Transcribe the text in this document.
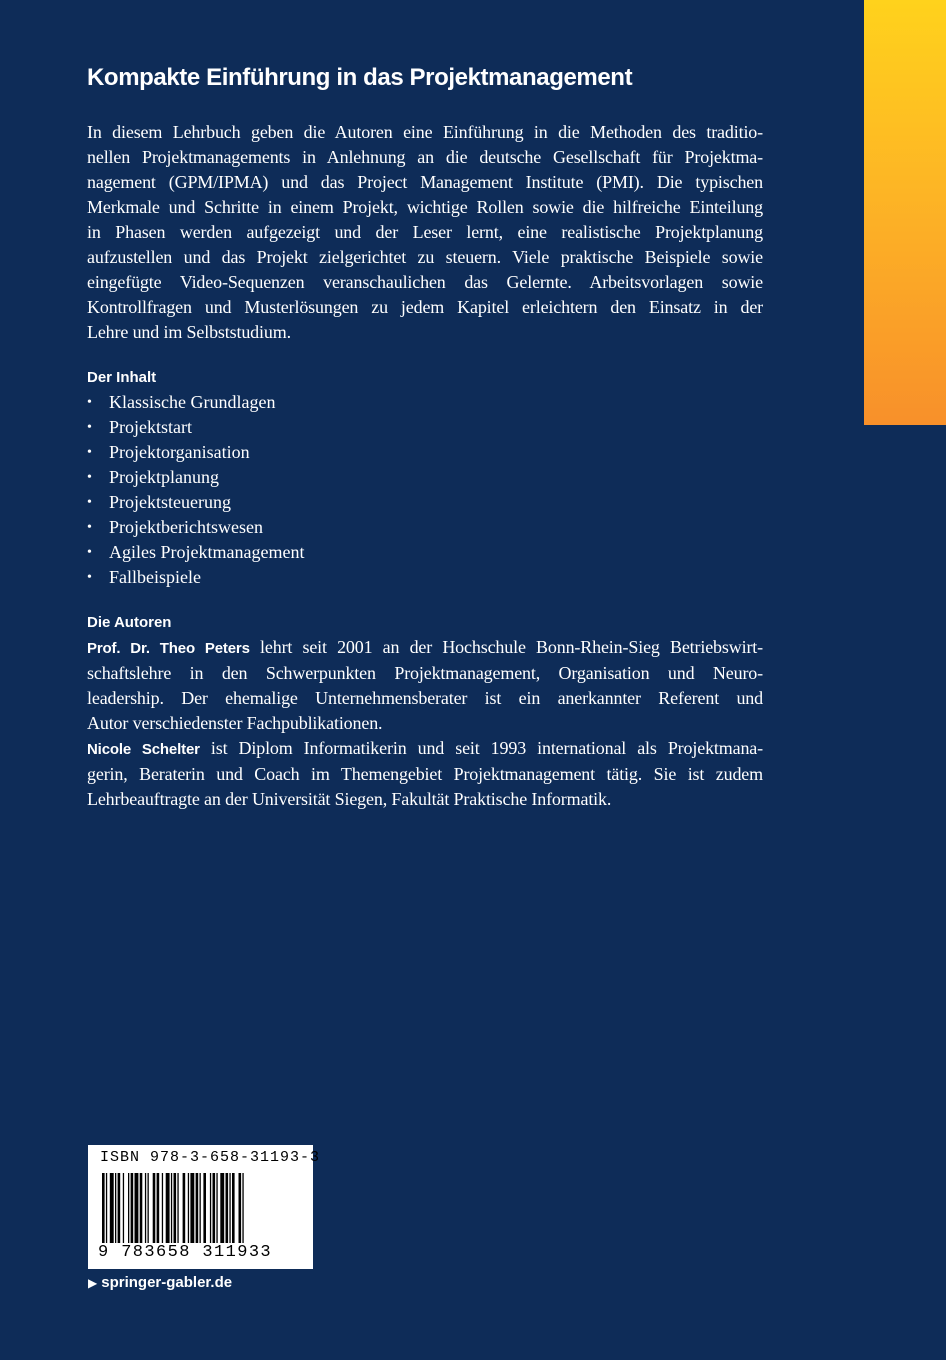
Kompakte Einführung in das Projektmanagement

In diesem Lehrbuch geben die Autoren eine Einführung in die Methoden des traditio-
nellen Projektmanagements in Anlehnung an die deutsche Gesellschaft für Projektma-
nagement (GPM/IPMA) und das Project Management Institute (PMI). Die typischen
Merkmale und Schritte in einem Projekt, wichtige Rollen sowie die hilfreiche Einteilung
in Phasen werden aufgezeigt und der Leser lernt, eine realistische Projektplanung
aufzustellen und das Projekt zielgerichtet zu steuern. Viele praktische Beispiele sowie
eingefügte Video-Sequenzen veranschaulichen das Gelernte. Arbeitsvorlagen sowie
Kontrollfragen und Musterlösungen zu jedem Kapitel erleichtern den Einsatz in der
Lehre und im Selbststudium.

Der Inhalt
• Klassische Grundlagen
• Projektstart
• Projektorganisation
• Projektplanung
• Projektsteuerung
• Projektberichtswesen
• Agiles Projektmanagement
• Fallbeispiele
Die Autoren

Prof. Dr. Theo Peters lehrt seit 2001 an der Hochschule Bonn-Rhein-Sieg Betriebswirt-
schaftslehre in den Schwerpunkten Projektmanagement, Organisation und Neuro-
leadership. Der ehemalige Unternehmensberater ist ein anerkannter Referent und
Autor verschiedenster Fachpublikationen.

Nicole Schelter ist Diplom Informatikerin und seit 1993 international als Projektmana-
gerin, Beraterin und Coach im Themengebiet Projektmanagement tätig. Sie ist zudem
Lehrbeauftragte an der Universität Siegen, Fakultät Praktische Informatik.

ISBN 978-3-658-31193-3
9 783658 311933
▶ springer-gabler.de
